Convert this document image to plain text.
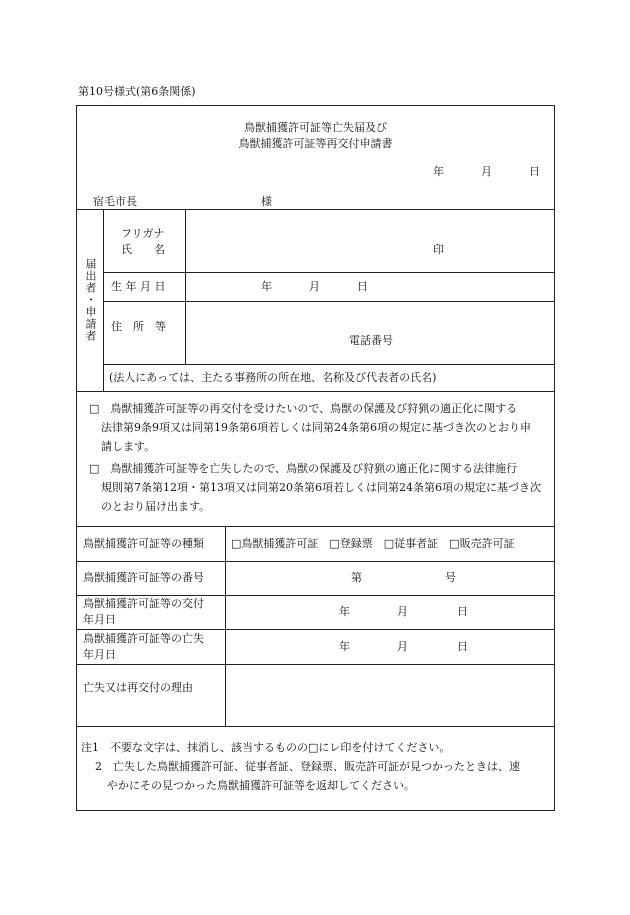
第10号様式(第6条関係)
鳥獣捕獲許可証等亡失届及び
鳥獣捕獲許可証等再交付申請書
年	月	日
宿毛市長	様
届出者・申請者
フリガナ
氏　　名	印
生 年 月 日	年	月	日
住　所　等
電話番号
(法人にあっては、主たる事務所の所在地、名称及び代表者の氏名)
□　 鳥獣捕獲許可証等の再交付を受けたいので、鳥獣の保護及び狩猟の適正化に関する
法律第9条9項又は同第19条第6項若しくは同第24条第6項の規定に基づき次のとおり申
請します。
□　 鳥獣捕獲許可証等を亡失したので、鳥獣の保護及び狩猟の適正化に関する法律施行
規則第7条第12項・第13項又は同第20条第6項若しくは同第24条第6項の規定に基づき次
のとおり届け出ます。
鳥獣捕獲許可証等の種類 □鳥獣捕獲許可証　□登録票　□従事者証　□販売許可証
鳥獣捕獲許可証等の番号	第	号
鳥獣捕獲許可証等の交付
年月日
年	月	日
鳥獣捕獲許可証等の亡失
年月日
年	月	日
亡失又は再交付の理由
注1　不要な文字は、抹消し、該当するものの□にレ印を付けてください。
2　亡失した鳥獣捕獲許可証、従事者証、登録票、販売許可証が見つかったときは、速
やかにその見つかった鳥獣捕獲許可証等を返却してください。
